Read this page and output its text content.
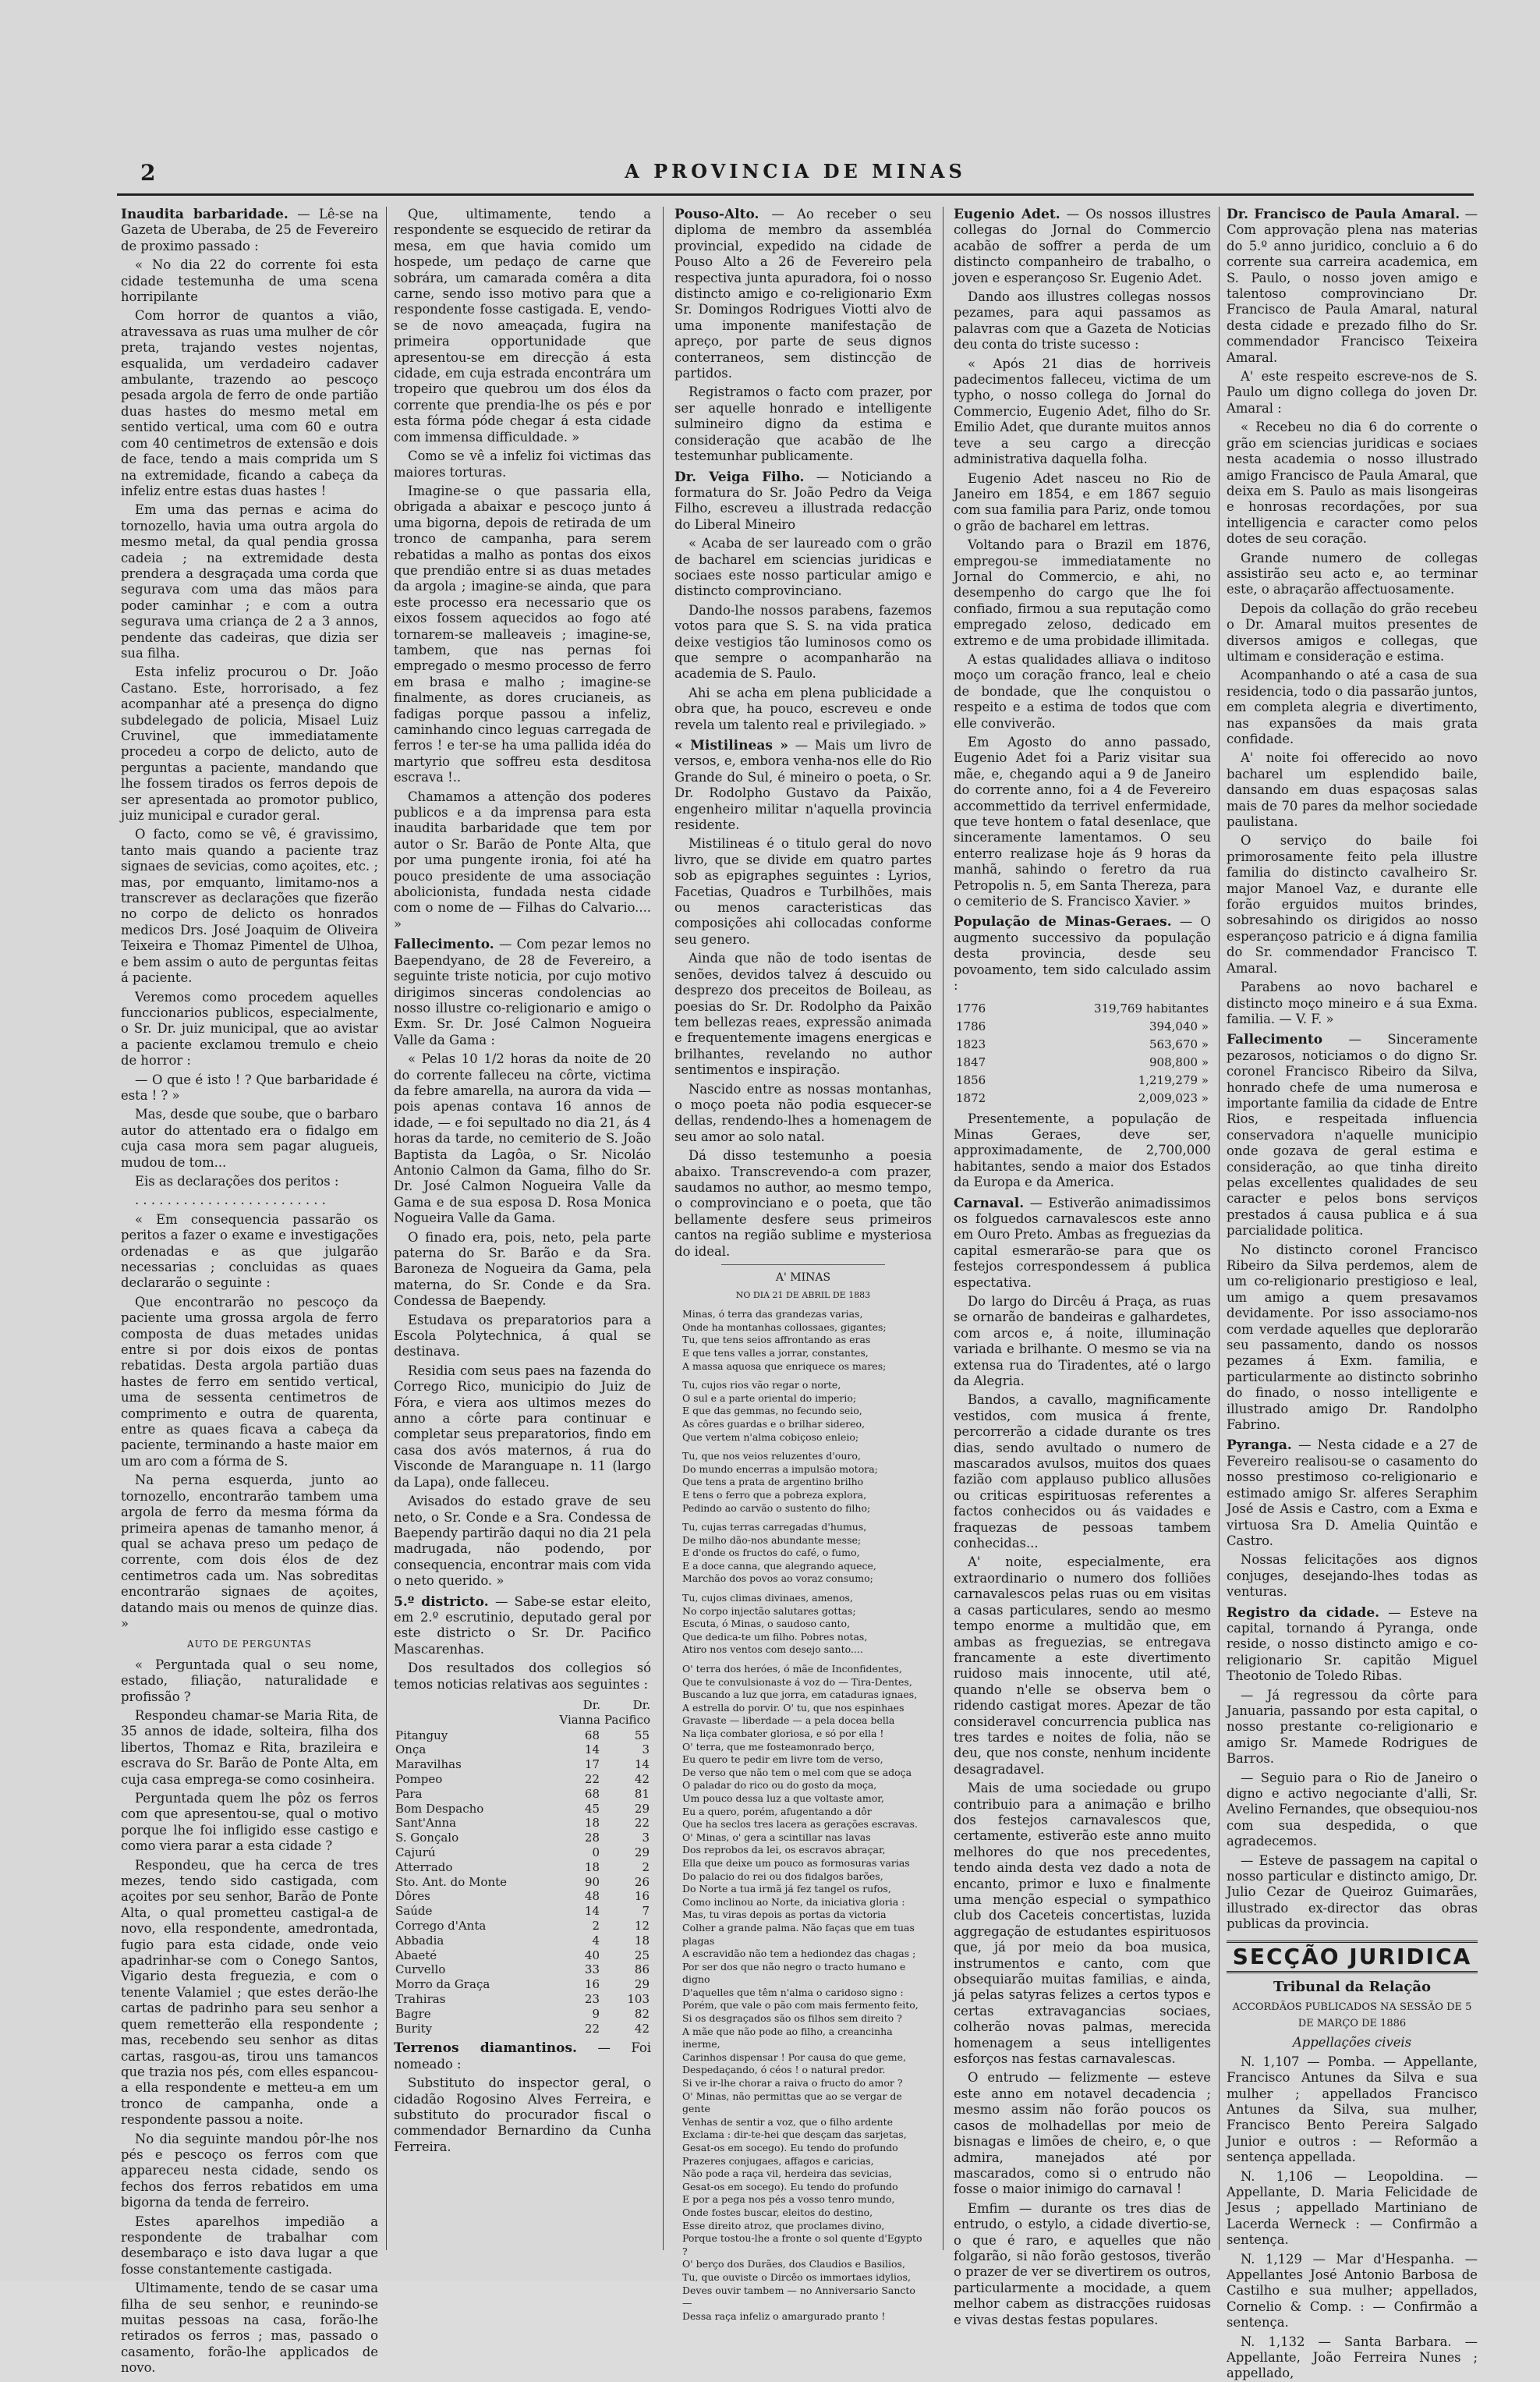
2	A PROVINCIA DE MINAS

Inaudita barbaridade. — Lê-se na Gazeta de Uberaba, de 25 de Fevereiro de proximo passado :

« No dia 22 do corrente foi esta cidade testemunha de uma scena horripilante

Com horror de quantos a vião, atravessava as ruas uma mulher de côr preta, trajando vestes nojentas, esqualida, um verdadeiro cadaver ambulante, trazendo ao pescoço pesada argola de ferro de onde partião duas hastes do mesmo metal em sentido vertical, uma com 60 e outra com 40 centimetros de extensão e dois de face, tendo a mais comprida um S na extremidade, ficando a cabeça da infeliz entre estas duas hastes !

Em uma das pernas e acima do tornozello, havia uma outra argola do mesmo metal, da qual pendia grossa cadeia ; na extremidade desta prendera a desgraçada uma corda que segurava com uma das mãos para poder caminhar ; e com a outra segurava uma criança de 2 a 3 annos, pendente das cadeiras, que dizia ser sua filha.

Esta infeliz procurou o Dr. João Castano. Este, horrorisado, a fez acompanhar até a presença do digno subdelegado de policia, Misael Luiz Cruvinel, que immediatamente procedeu a corpo de delicto, auto de perguntas a paciente, mandando que lhe fossem tirados os ferros depois de ser apresentada ao promotor publico, juiz municipal e curador geral.

O facto, como se vê, é gravissimo, tanto mais quando a paciente traz signaes de sevicias, como açoites, etc. ; mas, por emquanto, limitamo-nos a transcrever as declarações que fizerão no corpo de delicto os honrados medicos Drs. José Joaquim de Oliveira Teixeira e Thomaz Pimentel de Ulhoa, e bem assim o auto de perguntas feitas á paciente.

Veremos como procedem aquelles funccionarios publicos, especialmente, o Sr. Dr. juiz municipal, que ao avistar a paciente exclamou tremulo e cheio de horror :

— O que é isto ! ? Que barbaridade é esta ! ? »

Mas, desde que soube, que o barbaro autor do attentado era o fidalgo em cuja casa mora sem pagar alugueis, mudou de tom...

Eis as declarações dos peritos :

. . . . . . . . . . . . . . . . . . . . . . . .

« Em consequencia passarão os peritos a fazer o exame e investigações ordenadas e as que julgarão necessarias ; concluidas as quaes declararão o seguinte :

Que encontrarão no pescoço da paciente uma grossa argola de ferro composta de duas metades unidas entre si por dois eixos de pontas rebatidas. Desta argola partião duas hastes de ferro em sentido vertical, uma de sessenta centimetros de comprimento e outra de quarenta, entre as quaes ficava a cabeça da paciente, terminando a haste maior em um aro com a fórma de S.

Na perna esquerda, junto ao tornozello, encontrarão tambem uma argola de ferro da mesma fórma da primeira apenas de tamanho menor, á qual se achava preso um pedaço de corrente, com dois élos de dez centimetros cada um. Nas sobreditas encontrarão signaes de açoites, datando mais ou menos de quinze dias. »

AUTO DE PERGUNTAS

« Perguntada qual o seu nome, estado, filiação, naturalidade e profissão ?

Respondeu chamar-se Maria Rita, de 35 annos de idade, solteira, filha dos libertos, Thomaz e Rita, brazileira e escrava do Sr. Barão de Ponte Alta, em cuja casa emprega-se como cosinheira.

Perguntada quem lhe pôz os ferros com que apresentou-se, qual o motivo porque lhe foi infligido esse castigo e como viera parar a esta cidade ?

Respondeu, que ha cerca de tres mezes, tendo sido castigada, com açoites por seu senhor, Barão de Ponte Alta, o qual prometteu castigal-a de novo, ella respondente, amedrontada, fugio para esta cidade, onde veio apadrinhar-se com o Conego Santos, Vigario desta freguezia, e com o tenente Valamiel ; que estes derão-lhe cartas de padrinho para seu senhor a quem remetterão ella respondente ; mas, recebendo seu senhor as ditas cartas, rasgou-as, tirou uns tamancos que trazia nos pés, com elles espancou-a ella respondente e metteu-a em um tronco de campanha, onde a respondente passou a noite.

No dia seguinte mandou pôr-lhe nos pés e pescoço os ferros com que appareceu nesta cidade, sendo os fechos dos ferros rebatidos em uma bigorna da tenda de ferreiro.

Estes aparelhos impedião a respondente de trabalhar com desembaraço e isto dava lugar a que fosse constantemente castigada.

Ultimamente, tendo de se casar uma filha de seu senhor, e reunindo-se muitas pessoas na casa, forão-lhe retirados os ferros ; mas, passado o casamento, forão-lhe applicados de novo.

Que, ultimamente, tendo a respondente se esquecido de retirar da mesa, em que havia comido um hospede, um pedaço de carne que sobrára, um camarada comêra a dita carne, sendo isso motivo para que a respondente fosse castigada. E, vendo-se de novo ameaçada, fugira na primeira opportunidade que apresentou-se em direcção á esta cidade, em cuja estrada encontrára um tropeiro que quebrou um dos élos da corrente que prendia-lhe os pés e por esta fórma póde chegar á esta cidade com immensa difficuldade. »

Como se vê a infeliz foi victimas das maiores torturas.

Imagine-se o que passaria ella, obrigada a abaixar e pescoço junto á uma bigorna, depois de retirada de um tronco de campanha, para serem rebatidas a malho as pontas dos eixos que prendião entre si as duas metades da argola ; imagine-se ainda, que para este processo era necessario que os eixos fossem aquecidos ao fogo até tornarem-se malleaveis ; imagine-se, tambem, que nas pernas foi empregado o mesmo processo de ferro em brasa e malho ; imagine-se finalmente, as dores crucianeis, as fadigas porque passou a infeliz, caminhando cinco leguas carregada de ferros ! e ter-se ha uma pallida idéa do martyrio que soffreu esta desditosa escrava !..

Chamamos a attenção dos poderes publicos e a da imprensa para esta inaudita barbaridade que tem por autor o Sr. Barão de Ponte Alta, que por uma pungente ironia, foi até ha pouco presidente de uma associação abolicionista, fundada nesta cidade com o nome de — Filhas do Calvario.... »

Fallecimento. — Com pezar lemos no Baependyano, de 28 de Fevereiro, a seguinte triste noticia, por cujo motivo dirigimos sinceras condolencias ao nosso illustre co-religionario e amigo o Exm. Sr. Dr. José Calmon Nogueira Valle da Gama :

« Pelas 10 1/2 horas da noite de 20 do corrente falleceu na côrte, victima da febre amarella, na aurora da vida — pois apenas contava 16 annos de idade, — e foi sepultado no dia 21, ás 4 horas da tarde, no cemiterio de S. João Baptista da Lagôa, o Sr. Nicoláo Antonio Calmon da Gama, filho do Sr. Dr. José Calmon Nogueira Valle da Gama e de sua esposa D. Rosa Monica Nogueira Valle da Gama.

O finado era, pois, neto, pela parte paterna do Sr. Barão e da Sra. Baroneza de Nogueira da Gama, pela materna, do Sr. Conde e da Sra. Condessa de Baependy.

Estudava os preparatorios para a Escola Polytechnica, á qual se destinava.

Residia com seus paes na fazenda do Corrego Rico, municipio do Juiz de Fóra, e viera aos ultimos mezes do anno a côrte para continuar e completar seus preparatorios, findo em casa dos avós maternos, á rua do Visconde de Maranguape n. 11 (largo da Lapa), onde falleceu.

Avisados do estado grave de seu neto, o Sr. Conde e a Sra. Condessa de Baependy partirão daqui no dia 21 pela madrugada, não podendo, por consequencia, encontrar mais com vida o neto querido. »

5.º districto. — Sabe-se estar eleito, em 2.º escrutinio, deputado geral por este districto o Sr. Dr. Pacifico Mascarenhas.

Dos resultados dos collegios só temos noticias relativas aos seguintes :

	Dr. Vianna	Dr. Pacifico
Pitanguy	68	55
Onça	14	3
Maravilhas	17	14
Pompeo	22	42
Para	68	81
Bom Despacho	45	29
Sant'Anna	18	22
S. Gonçalo	28	3
Cajurú	0	29
Atterrado	18	2
Sto. Ant. do Monte	90	26
Dôres	48	16
Saúde	14	7
Corrego d'Anta	2	12
Abbadia	4	18
Abaeté	40	25
Curvello	33	86
Morro da Graça	16	29
Trahiras	23	103
Bagre	9	82
Burity	22	42

Terrenos diamantinos. — Foi nomeado :

Substituto do inspector geral, o cidadão Rogosino Alves Ferreira, e substituto do procurador fiscal o commendador Bernardino da Cunha Ferreira.

Pouso-Alto. — Ao receber o seu diploma de membro da assembléa provincial, expedido na cidade de Pouso Alto a 26 de Fevereiro pela respectiva junta apuradora, foi o nosso distincto amigo e co-religionario Exm Sr. Domingos Rodrigues Viotti alvo de uma imponente manifestação de apreço, por parte de seus dignos conterraneos, sem distincção de partidos.

Registramos o facto com prazer, por ser aquelle honrado e intelligente sulmineiro digno da estima e consideração que acabão de lhe testemunhar publicamente.

Dr. Veiga Filho. — Noticiando a formatura do Sr. João Pedro da Veiga Filho, escreveu a illustrada redacção do Liberal Mineiro

« Acaba de ser laureado com o grão de bacharel em sciencias juridicas e sociaes este nosso particular amigo e distincto comprovinciano.

Dando-lhe nossos parabens, fazemos votos para que S. S. na vida pratica deixe vestigios tão luminosos como os que sempre o acompanharão na academia de S. Paulo.

Ahi se acha em plena publicidade a obra que, ha pouco, escreveu e onde revela um talento real e privilegiado. »

« Mistilineas » — Mais um livro de versos, e, embora venha-nos elle do Rio Grande do Sul, é mineiro o poeta, o Sr. Dr. Rodolpho Gustavo da Paixão, engenheiro militar n'aquella provincia residente.

Mistilineas é o titulo geral do novo livro, que se divide em quatro partes sob as epigraphes seguintes : Lyrios, Facetias, Quadros e Turbilhões, mais ou menos caracteristicas das composições ahi collocadas conforme seu genero.

Ainda que não de todo isentas de senões, devidos talvez á descuido ou desprezo dos preceitos de Boileau, as poesias do Sr. Dr. Rodolpho da Paixão tem bellezas reaes, expressão animada e frequentemente imagens energicas e brilhantes, revelando no author sentimentos e inspiração.

Nascido entre as nossas montanhas, o moço poeta não podia esquecer-se dellas, rendendo-lhes a homenagem de seu amor ao solo natal.

Dá disso testemunho a poesia abaixo. Transcrevendo-a com prazer, saudamos no author, ao mesmo tempo, o comprovinciano e o poeta, que tão bellamente desfere seus primeiros cantos na região sublime e mysteriosa do ideal.

A' MINAS
NO DIA 21 DE ABRIL DE 1883
Minas, ó terra das grandezas varias,
Onde ha montanhas collossaes, gigantes;
Tu, que tens seios affrontando as eras
E que tens valles a jorrar, constantes,
A massa aquosa que enriquece os mares;
Tu, cujos rios vão regar o norte,
O sul e a parte oriental do imperio;
E que das gemmas, no fecundo seio,
As côres guardas e o brilhar sidereo,
Que vertem n'alma cobiçoso enleio;
Tu, que nos veios reluzentes d'ouro,
Do mundo encerras a impulsão motora;
Que tens a prata de argentino brilho
E tens o ferro que a pobreza explora,
Pedindo ao carvão o sustento do filho;
Tu, cujas terras carregadas d'humus,
De milho dão-nos abundante messe;
E d'onde os fructos do café, o fumo,
E a doce canna, que alegrando aquece,
Marchão dos povos ao voraz consumo;
Tu, cujos climas divinaes, amenos,
No corpo injectão salutares gottas;
Escuta, ó Minas, o saudoso canto,
Que dedica-te um filho. Pobres notas,
Atiro nos ventos com desejo santo....
O' terra dos heróes, ó mãe de Inconfidentes,
Que te convulsionaste á voz do — Tira-Dentes,
Buscando a luz que jorra, em cataduras ignaes,
A estrella do porvir. O' tu, que nos espinhaes
Gravaste — liberdade — a pela docea bella
Na liça combater gloriosa, e só por ella !
O' terra, que me fosteamonrado berço,
Eu quero te pedir em livre tom de verso,
De verso que não tem o mel com que se adoça
O paladar do rico ou do gosto da moça,
Um pouco dessa luz a que voltaste amor,
Eu a quero, porém, afugentando a dôr
Que ha seclos tres lacera as gerações escravas.
O' Minas, o' gera a scintillar nas lavas
Dos reprobos da lei, os escravos abraçar,
Ella que deixe um pouco as formosuras varias
Do palacio do rei ou dos fidalgos barões,
Do Norte a tua irmã já fez tangel os rufos,
Como inclinou ao Norte, da iniciativa gloria :
Mas, tu viras depois as portas da victoria
Colher a grande palma. Não faças que em tuas plagas
A escravidão não tem a hediondez das chagas ;
Por ser dos que não negro o tracto humano e digno
D'aquelles que têm n'alma o caridoso signo :
Porém, que vale o pão com mais fermento feito,
Si os desgraçados são os filhos sem direito ?
A mãe que não pode ao filho, a creancinha inerme,
Carinhos dispensar ! Por causa do que geme,
Despedaçando, ó céos ! o natural predor.
Si ve ir-lhe chorar a raiva o fructo do amor ?
O' Minas, não permittas que ao se vergar de gente
Venhas de sentir a voz, que o filho ardente
Exclama : dir-te-hei que desçam das sarjetas,
Gesat-os em socego). Eu tendo do profundo
Prazeres conjugaes, affagos e caricias,
Não pode a raça vil, herdeira das sevicias,
Gesat-os em socego). Eu tendo do profundo
E por a pega nos pés a vosso tenro mundo,
Onde fostes buscar, eleitos do destino,
Esse direito atroz, que proclames divino,
Porque tostou-lhe a fronte o sol quente d'Egypto ?
O' berço dos Durães, dos Claudios e Basilios,
Tu, que ouviste o Dircêo os immortaes idylios,
Deves ouvir tambem — no Anniversario Sancto —
Dessa raça infeliz o amargurado pranto !

Eugenio Adet. — Os nossos illustres collegas do Jornal do Commercio acabão de soffrer a perda de um distincto companheiro de trabalho, o joven e esperançoso Sr. Eugenio Adet.

Dando aos illustres collegas nossos pezames, para aqui passamos as palavras com que a Gazeta de Noticias deu conta do triste sucesso :

« Após 21 dias de horriveis padecimentos falleceu, victima de um typho, o nosso collega do Jornal do Commercio, Eugenio Adet, filho do Sr. Emilio Adet, que durante muitos annos teve a seu cargo a direcção administrativa daquella folha.

Eugenio Adet nasceu no Rio de Janeiro em 1854, e em 1867 seguio com sua familia para Pariz, onde tomou o grão de bacharel em lettras.

Voltando para o Brazil em 1876, empregou-se immediatamente no Jornal do Commercio, e ahi, no desempenho do cargo que lhe foi confiado, firmou a sua reputação como empregado zeloso, dedicado em extremo e de uma probidade illimitada.

A estas qualidades alliava o inditoso moço um coração franco, leal e cheio de bondade, que lhe conquistou o respeito e a estima de todos que com elle conviverão.

Em Agosto do anno passado, Eugenio Adet foi a Pariz visitar sua mãe, e, chegando aqui a 9 de Janeiro do corrente anno, foi a 4 de Fevereiro accommettido da terrivel enfermidade, que teve hontem o fatal desenlace, que sinceramente lamentamos. O seu enterro realizase hoje ás 9 horas da manhã, sahindo o feretro da rua Petropolis n. 5, em Santa Thereza, para o cemiterio de S. Francisco Xavier. »

População de Minas-Geraes. — O augmento successivo da população desta provincia, desde seu povoamento, tem sido calculado assim :

1776	319,769 habitantes
1786	394,040 »
1823	563,670 »
1847	908,800 »
1856	1,219,279 »
1872	2,009,023 »

Presentemente, a população de Minas Geraes, deve ser, approximadamente, de 2,700,000 habitantes, sendo a maior dos Estados da Europa e da America.

Carnaval. — Estiverão animadissimos os folguedos carnavalescos este anno em Ouro Preto. Ambas as freguezias da capital esmerarão-se para que os festejos correspondessem á publica espectativa.

Do largo do Dircêu á Praça, as ruas se ornarão de bandeiras e galhardetes, com arcos e, á noite, illuminação variada e brilhante. O mesmo se via na extensa rua do Tiradentes, até o largo da Alegria.

Bandos, a cavallo, magnificamente vestidos, com musica á frente, percorrerão a cidade durante os tres dias, sendo avultado o numero de mascarados avulsos, muitos dos quaes fazião com applauso publico allusões ou criticas espirituosas referentes a factos conhecidos ou ás vaidades e fraquezas de pessoas tambem conhecidas...

A' noite, especialmente, era extraordinario o numero dos folliões carnavalescos pelas ruas ou em visitas a casas particulares, sendo ao mesmo tempo enorme a multidão que, em ambas as freguezias, se entregava francamente a este divertimento ruidoso mais innocente, util até, quando n'elle se observa bem o ridendo castigat mores. Apezar de tão consideravel concurrencia publica nas tres tardes e noites de folia, não se deu, que nos conste, nenhum incidente desagradavel.

Mais de uma sociedade ou grupo contribuio para a animação e brilho dos festejos carnavalescos que, certamente, estiverão este anno muito melhores do que nos precedentes, tendo ainda desta vez dado a nota de encanto, primor e luxo e finalmente uma menção especial o sympathico club dos Caceteis concertistas, luzida aggregação de estudantes espirituosos que, já por meio da boa musica, instrumentos e canto, com que obsequiarão muitas familias, e ainda, já pelas satyras felizes a certos typos e certas extravagancias sociaes, colherão novas palmas, merecida homenagem a seus intelligentes esforços nas festas carnavalescas.

O entrudo — felizmente — esteve este anno em notavel decadencia ; mesmo assim não forão poucos os casos de molhadellas por meio de bisnagas e limões de cheiro, e, o que admira, manejados até por mascarados, como si o entrudo não fosse o maior inimigo do carnaval !

Emfim — durante os tres dias de entrudo, o estylo, a cidade divertio-se, o que é raro, e aquelles que não folgarão, si não forão gestosos, tiverão o prazer de ver se divertirem os outros, particularmente a mocidade, a quem melhor cabem as distracções ruidosas e vivas destas festas populares.

Dr. Francisco de Paula Amaral. — Com approvação plena nas materias do 5.º anno juridico, concluio a 6 do corrente sua carreira academica, em S. Paulo, o nosso joven amigo e talentoso comprovinciano Dr. Francisco de Paula Amaral, natural desta cidade e prezado filho do Sr. commendador Francisco Teixeira Amaral.

A' este respeito escreve-nos de S. Paulo um digno collega do joven Dr. Amaral :

« Recebeu no dia 6 do corrente o grão em sciencias juridicas e sociaes nesta academia o nosso illustrado amigo Francisco de Paula Amaral, que deixa em S. Paulo as mais lisongeiras e honrosas recordações, por sua intelligencia e caracter como pelos dotes de seu coração.

Grande numero de collegas assistirão seu acto e, ao terminar este, o abraçarão affectuosamente.

Depois da collação do grão recebeu o Dr. Amaral muitos presentes de diversos amigos e collegas, que ultimam e consideração e estima.

Acompanhando o até a casa de sua residencia, todo o dia passarão juntos, em completa alegria e divertimento, nas expansões da mais grata confidade.

A' noite foi offerecido ao novo bacharel um esplendido baile, dansando em duas espaçosas salas mais de 70 pares da melhor sociedade paulistana.

O serviço do baile foi primorosamente feito pela illustre familia do distincto cavalheiro Sr. major Manoel Vaz, e durante elle forão erguidos muitos brindes, sobresahindo os dirigidos ao nosso esperançoso patricio e á digna familia do Sr. commendador Francisco T. Amaral.

Parabens ao novo bacharel e distincto moço mineiro e á sua Exma. familia. — V. F. »

Fallecimento — Sinceramente pezarosos, noticiamos o do digno Sr. coronel Francisco Ribeiro da Silva, honrado chefe de uma numerosa e importante familia da cidade de Entre Rios, e respeitada influencia conservadora n'aquelle municipio onde gozava de geral estima e consideração, ao que tinha direito pelas excellentes qualidades de seu caracter e pelos bons serviços prestados á causa publica e á sua parcialidade politica.

No distincto coronel Francisco Ribeiro da Silva perdemos, alem de um co-religionario prestigioso e leal, um amigo a quem presavamos devidamente. Por isso associamo-nos com verdade aquelles que deplorarão seu passamento, dando os nossos pezames á Exm. familia, e particularmente ao distincto sobrinho do finado, o nosso intelligente e illustrado amigo Dr. Randolpho Fabrino.

Pyranga. — Nesta cidade e a 27 de Fevereiro realisou-se o casamento do nosso prestimoso co-religionario e estimado amigo Sr. alferes Seraphim José de Assis e Castro, com a Exma e virtuosa Sra D. Amelia Quintão e Castro.

Nossas felicitações aos dignos conjuges, desejando-lhes todas as venturas.

Registro da cidade. — Esteve na capital, tornando á Pyranga, onde reside, o nosso distincto amigo e co-religionario Sr. capitão Miguel Theotonio de Toledo Ribas.

— Já regressou da côrte para Januaria, passando por esta capital, o nosso prestante co-religionario e amigo Sr. Mamede Rodrigues de Barros.

— Seguio para o Rio de Janeiro o digno e activo negociante d'alli, Sr. Avelino Fernandes, que obsequiou-nos com sua despedida, o que agradecemos.

— Esteve de passagem na capital o nosso particular e distincto amigo, Dr. Julio Cezar de Queiroz Guimarães, illustrado ex-director das obras publicas da provincia.

SECÇÃO JURIDICA
Tribunal da Relação
ACCORDÃOS PUBLICADOS NA SESSÃO DE 5 DE MARÇO DE 1886
Appellações civeis

N. 1,107 — Pomba. — Appellante, Francisco Antunes da Silva e sua mulher ; appellados Francisco Antunes da Silva, sua mulher, Francisco Bento Pereira Salgado Junior e outros : — Reformão a sentença appellada.

N. 1,106 — Leopoldina. — Appellante, D. Maria Felicidade de Jesus ; appellado Martiniano de Lacerda Werneck : — Confirmão a sentença.

N. 1,129 — Mar d'Hespanha. — Appellantes José Antonio Barbosa de Castilho e sua mulher; appellados, Cornelio & Comp. : — Confirmão a sentença.

N. 1,132 — Santa Barbara. — Appellante, João Ferreira Nunes ; appellado,
